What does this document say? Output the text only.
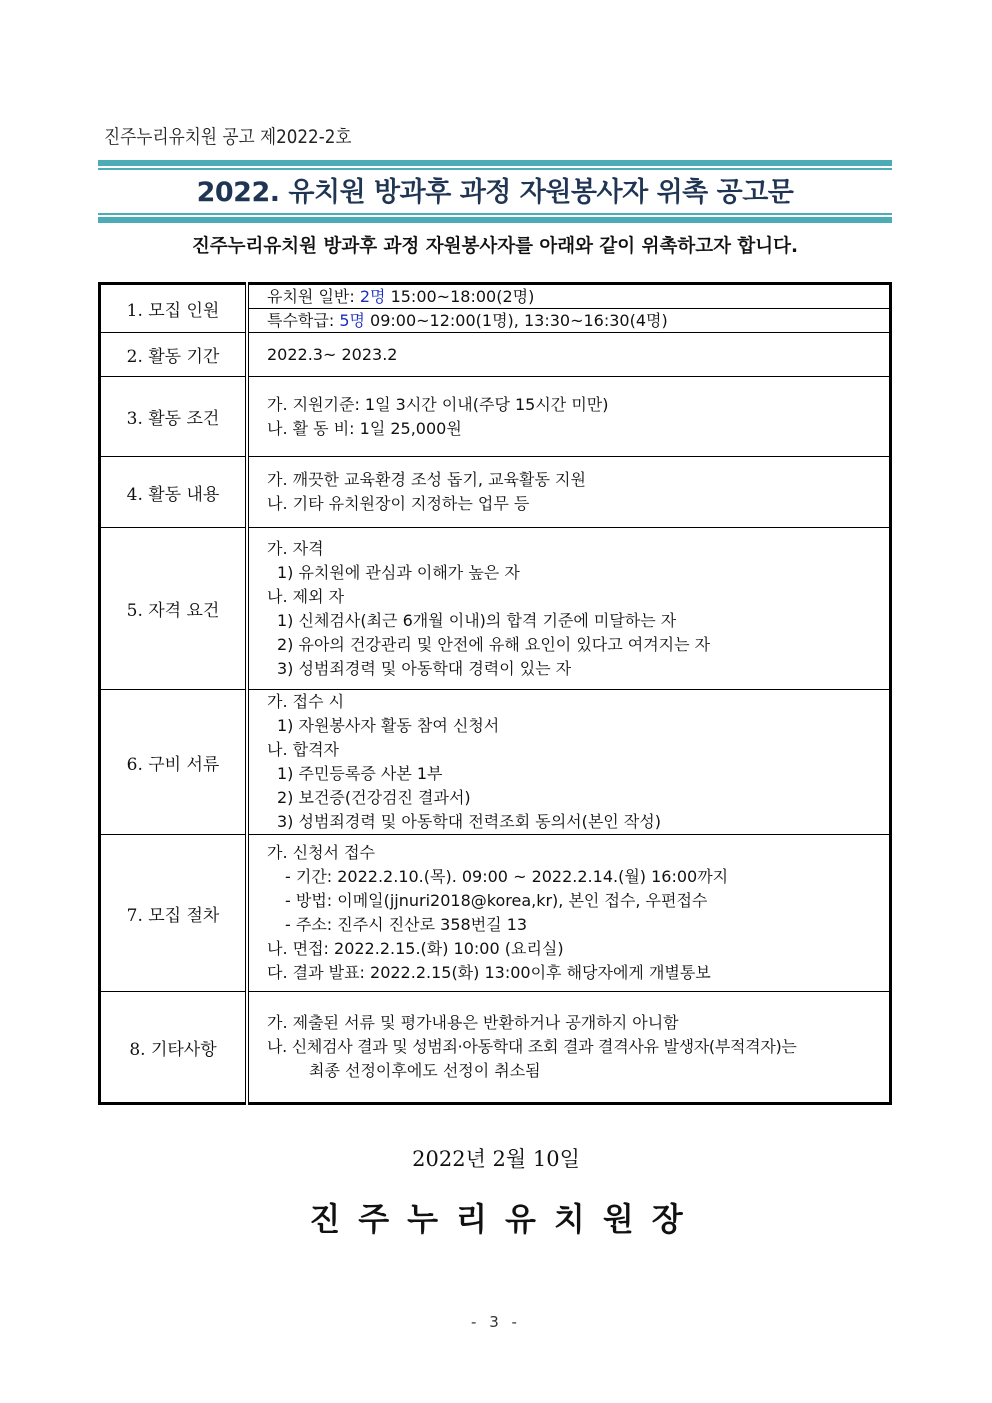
진주누리유치원 공고 제2022-2호
2022. 유치원 방과후 과정 자원봉사자 위촉 공고문
진주누리유치원 방과후 과정 자원봉사자를 아래와 같이 위촉하고자 합니다.
1. 모집 인원	유치원 일반: 2명 15:00~18:00(2명)
특수학급: 5명 09:00~12:00(1명), 13:30~16:30(4명)

2. 활동 기간	2022.3~ 2023.2

3. 활동 조건	가. 지원기준: 1일 3시간 이내(주당 15시간 미만)
나. 활 동 비: 1일 25,000원

4. 활동 내용	가. 깨끗한 교육환경 조성 돕기, 교육활동 지원
나. 기타 유치원장이 지정하는 업무 등

5. 자격 요건	
가. 자격
1) 유치원에 관심과 이해가 높은 자
나. 제외 자
1) 신체검사(최근 6개월 이내)의 합격 기준에 미달하는 자
2) 유아의 건강관리 및 안전에 유해 요인이 있다고 여겨지는 자
3) 성범죄경력 및 아동학대 경력이 있는 자

6. 구비 서류	
가. 접수 시
1) 자원봉사자 활동 참여 신청서
나. 합격자
1) 주민등록증 사본 1부
2) 보건증(건강검진 결과서)
3) 성범죄경력 및 아동학대 전력조회 동의서(본인 작성)

7. 모집 절차	
가. 신청서 접수
- 기간: 2022.2.10.(목). 09:00 ~ 2022.2.14.(월) 16:00까지
- 방법: 이메일(jjnuri2018@korea,kr), 본인 접수, 우편접수
- 주소: 진주시 진산로 358번길 13
나. 면접: 2022.2.15.(화) 10:00 (요리실)
다. 결과 발표: 2022.2.15(화) 13:00이후 해당자에게 개별통보

8. 기타사항	가. 제출된 서류 및 평가내용은 반환하거나 공개하지 아니함
나. 신체검사 결과 및 성범죄·아동학대 조회 결과 결격사유 발생자(부적격자)는
최종 선정이후에도 선정이 취소됨
2022년 2월 10일
진주누리유치원장
- 3 -
